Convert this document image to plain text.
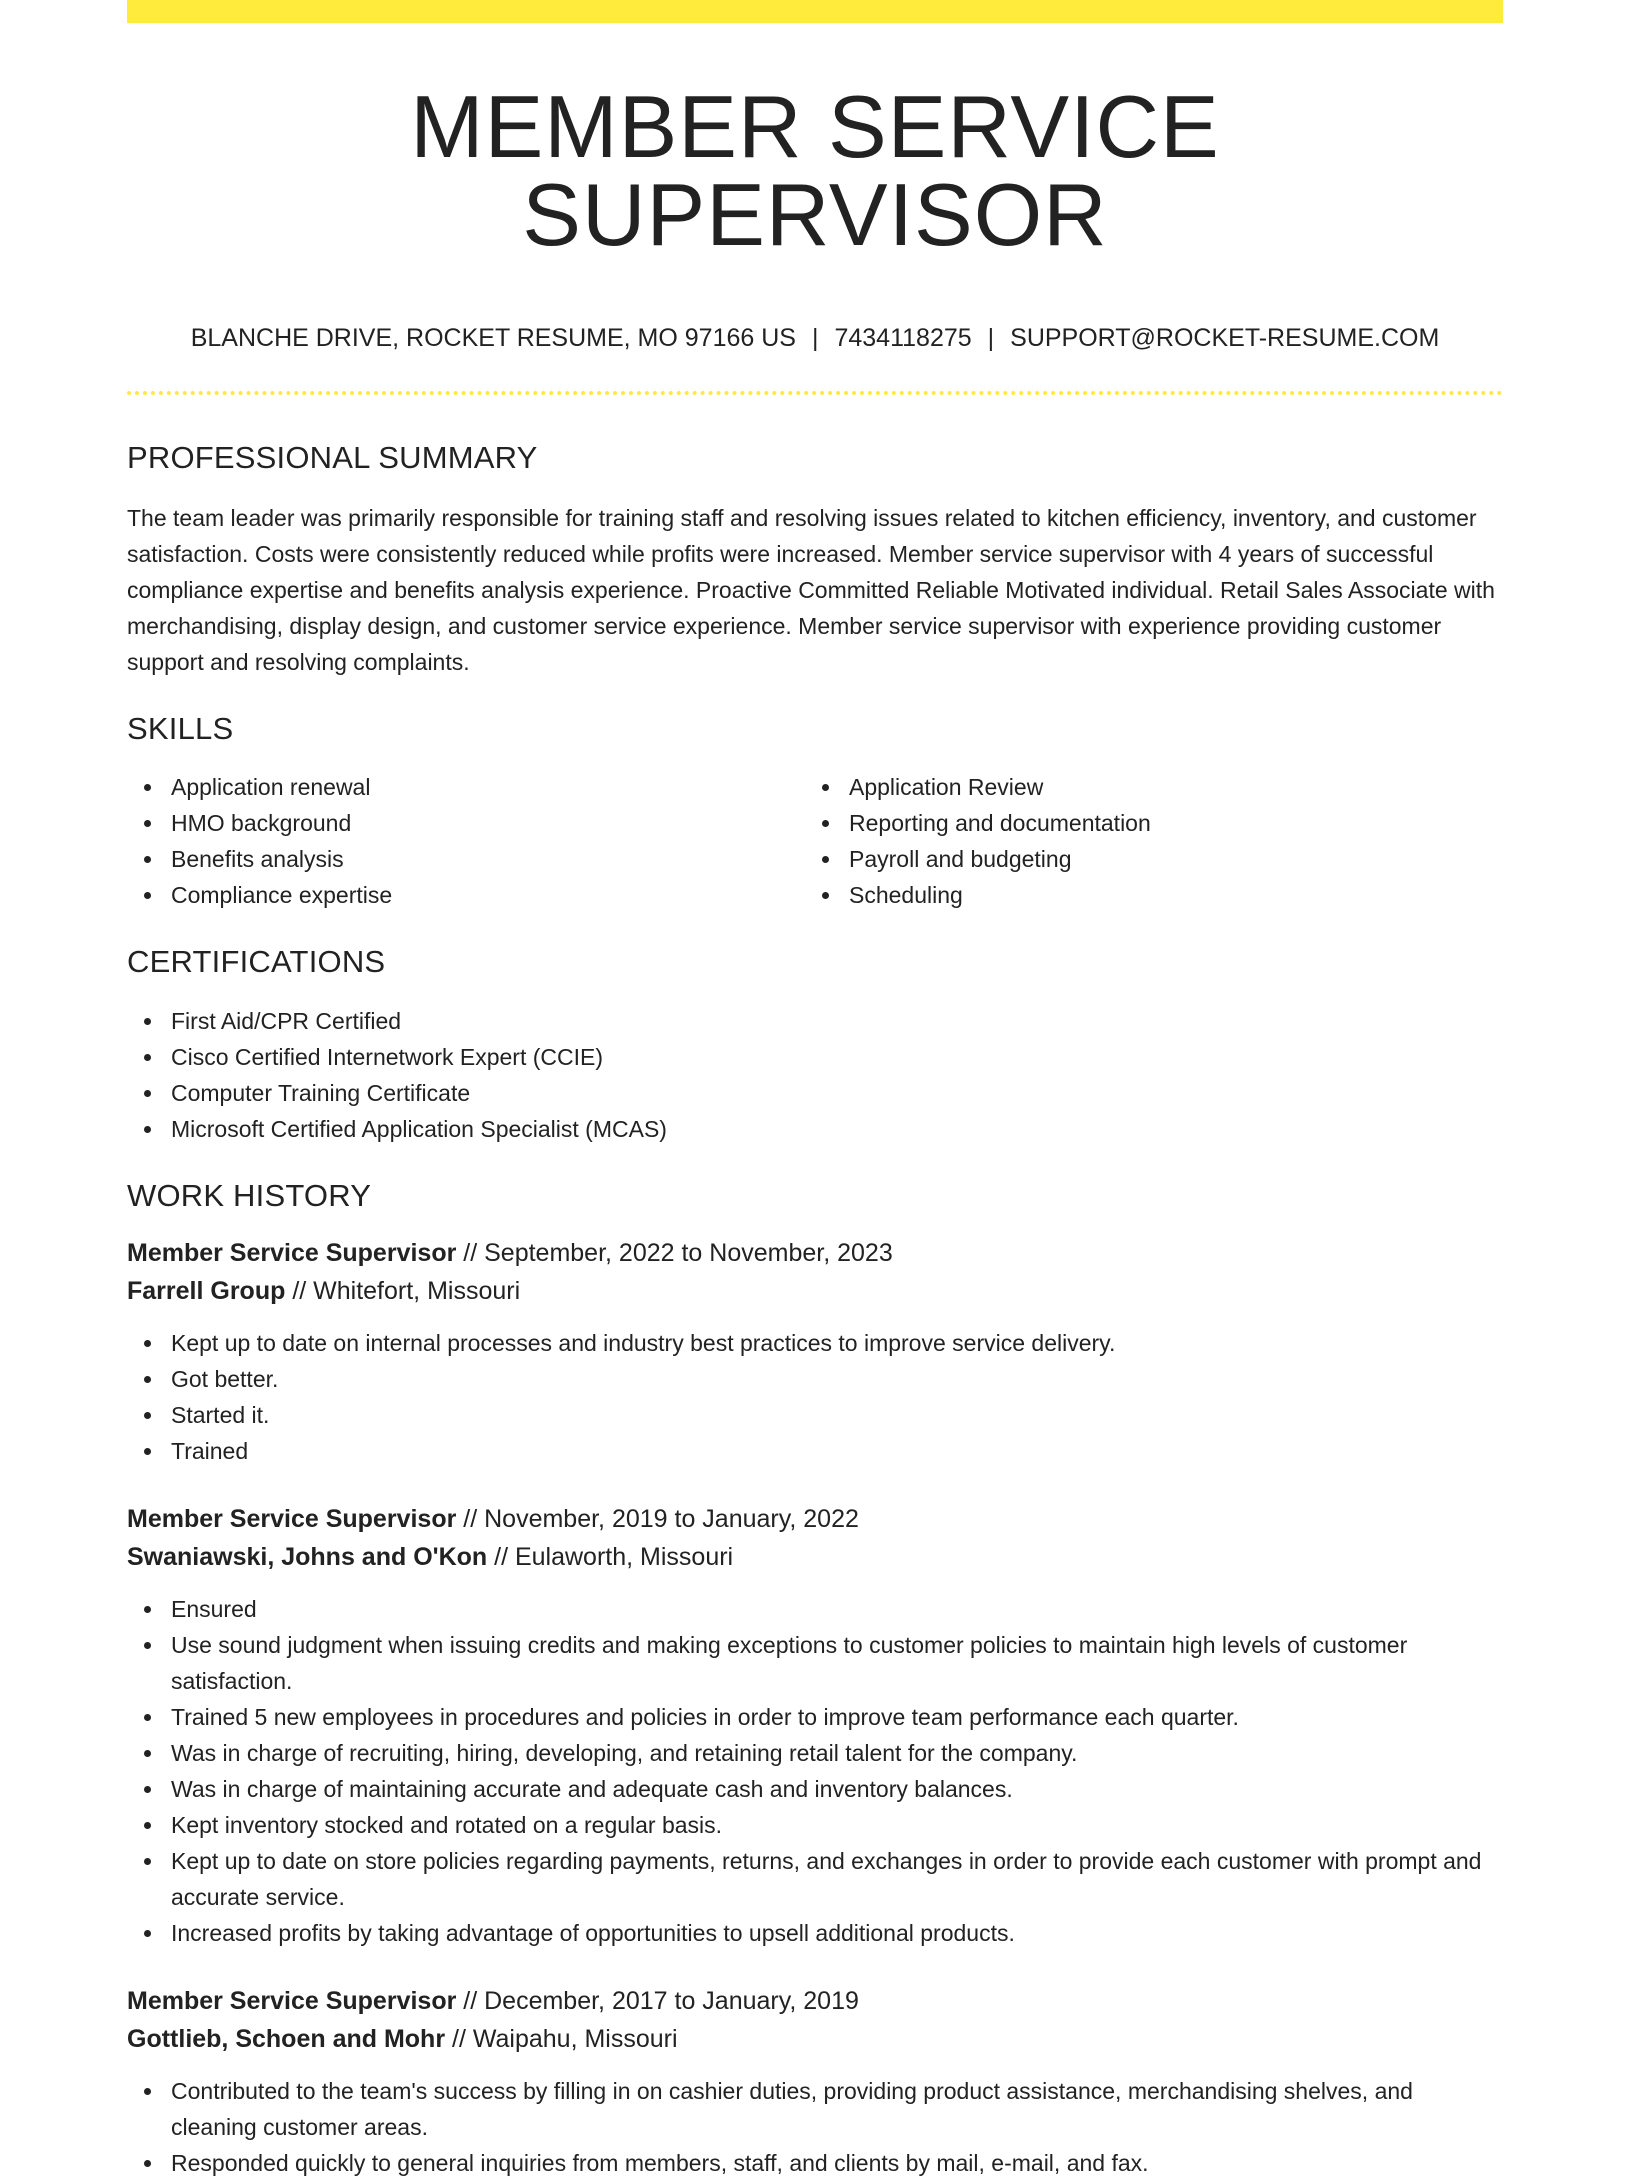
MEMBER SERVICE SUPERVISOR
BLANCHE DRIVE, ROCKET RESUME, MO 97166 US | 7434118275 | SUPPORT@ROCKET-RESUME.COM
PROFESSIONAL SUMMARY

The team leader was primarily responsible for training staff and resolving issues related to kitchen efficiency, inventory, and customer satisfaction. Costs were consistently reduced while profits were increased. Member service supervisor with 4 years of successful compliance expertise and benefits analysis experience. Proactive Committed Reliable Motivated individual. Retail Sales Associate with merchandising, display design, and customer service experience. Member service supervisor with experience providing customer support and resolving complaints.

SKILLS
Application renewal
HMO background
Benefits analysis
Compliance expertise
Application Review
Reporting and documentation
Payroll and budgeting
Scheduling
CERTIFICATIONS
First Aid/CPR Certified
Cisco Certified Internetwork Expert (CCIE)
Computer Training Certificate
Microsoft Certified Application Specialist (MCAS)
WORK HISTORY
Member Service Supervisor // September, 2022 to November, 2023
Farrell Group // Whitefort, Missouri
Kept up to date on internal processes and industry best practices to improve service delivery.
Got better.
Started it.
Trained
Member Service Supervisor // November, 2019 to January, 2022
Swaniawski, Johns and O'Kon // Eulaworth, Missouri
Ensured
Use sound judgment when issuing credits and making exceptions to customer policies to maintain high levels of customer satisfaction.
Trained 5 new employees in procedures and policies in order to improve team performance each quarter.
Was in charge of recruiting, hiring, developing, and retaining retail talent for the company.
Was in charge of maintaining accurate and adequate cash and inventory balances.
Kept inventory stocked and rotated on a regular basis.
Kept up to date on store policies regarding payments, returns, and exchanges in order to provide each customer with prompt and accurate service.
Increased profits by taking advantage of opportunities to upsell additional products.
Member Service Supervisor // December, 2017 to January, 2019
Gottlieb, Schoen and Mohr // Waipahu, Missouri
Contributed to the team's success by filling in on cashier duties, providing product assistance, merchandising shelves, and cleaning customer areas.
Responded quickly to general inquiries from members, staff, and clients by mail, e-mail, and fax.
